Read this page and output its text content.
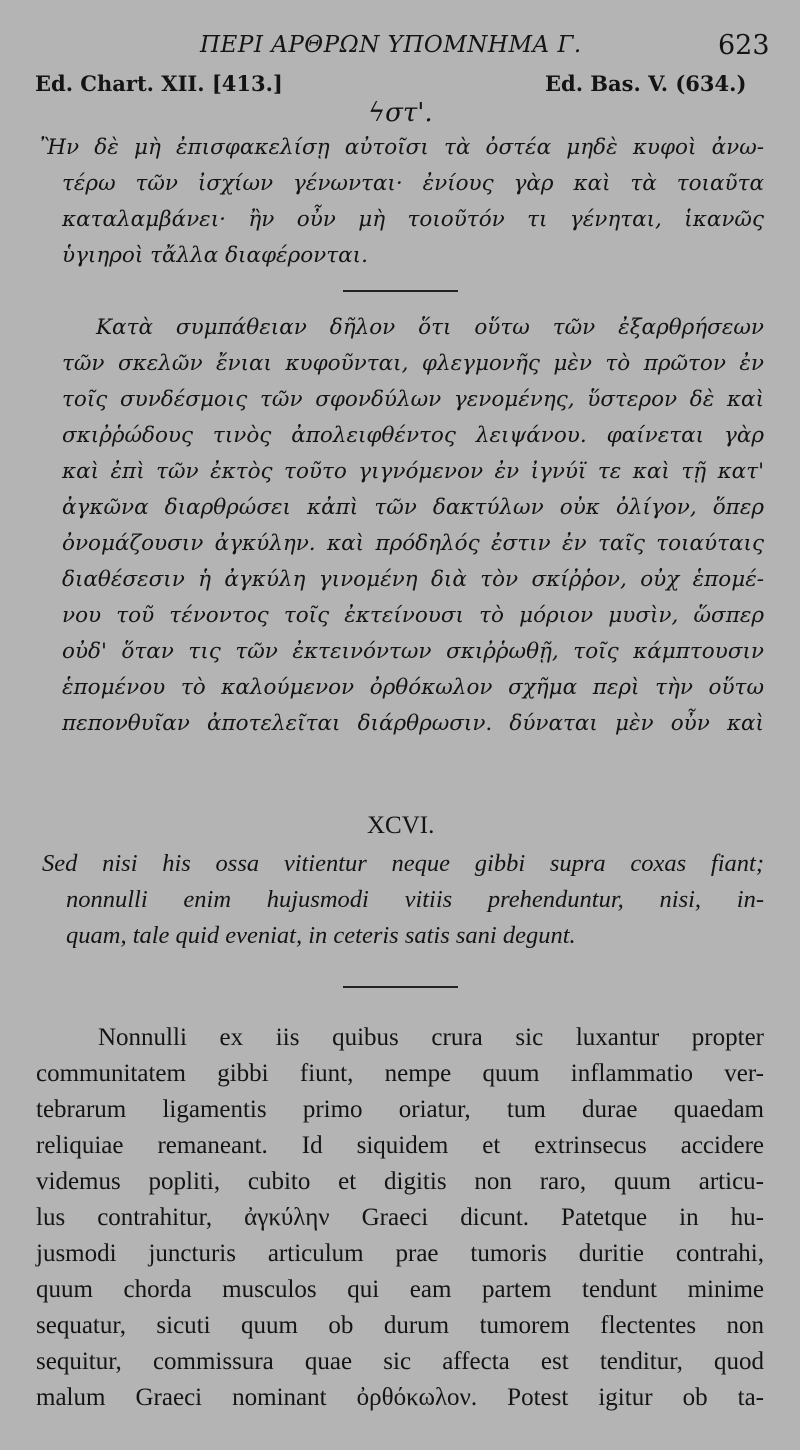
ΠΕΡΙ ΑΡΘΡΩΝ ΥΠΟΜΝΗΜΑ Γ.	623
Ed. Chart. XII. [413.]	Ed. Bas. V. (634.)
ϟστ'.
Ἢν δὲ μὴ ἐπισφακελίσῃ αὐτοῖσι τὰ ὀστέα μηδὲ κυφοὶ ἀνω-
τέρω τῶν ἰσχίων γένωνται· ἐνίους γὰρ καὶ τὰ τοιαῦτα
καταλαμβάνει· ἢν οὖν μὴ τοιοῦτόν τι γένηται, ἱκανῶς
ὑγιηροὶ τἄλλα διαφέρονται.
Κατὰ συμπάθειαν δῆλον ὅτι οὕτω τῶν ἐξαρθρήσεων
τῶν σκελῶν ἔνιαι κυφοῦνται, φλεγμονῆς μὲν τὸ πρῶτον ἐν
τοῖς συνδέσμοις τῶν σφονδύλων γενομένης, ὕστερον δὲ καὶ
σκιῤῥώδους τινὸς ἀπολειφθέντος λειψάνου. φαίνεται γὰρ
καὶ ἐπὶ τῶν ἐκτὸς τοῦτο γιγνόμενον ἐν ἰγνύϊ τε καὶ τῇ κατ'
ἀγκῶνα διαρθρώσει κἀπὶ τῶν δακτύλων οὐκ ὀλίγον, ὅπερ
ὀνομάζουσιν ἀγκύλην. καὶ πρόδηλός ἐστιν ἐν ταῖς τοιαύταις
διαθέσεσιν ἡ ἀγκύλη γινομένη διὰ τὸν σκίῤῥον, οὐχ ἑπομέ-
νου τοῦ τένοντος τοῖς ἐκτείνουσι τὸ μόριον μυσὶν, ὥσπερ
οὐδ' ὅταν τις τῶν ἐκτεινόντων σκιῤῥωθῇ, τοῖς κάμπτουσιν
ἑπομένου τὸ καλούμενον ὀρθόκωλον σχῆμα περὶ τὴν οὕτω
πεπονθυῖαν ἀποτελεῖται διάρθρωσιν. δύναται μὲν οὖν καὶ
XCVI.
Sed nisi his ossa vitientur neque gibbi supra coxas fiant;
nonnulli enim hujusmodi vitiis prehenduntur, nisi, in-
quam, tale quid eveniat, in ceteris satis sani degunt.
Nonnulli ex iis quibus crura sic luxantur propter
communitatem gibbi fiunt, nempe quum inflammatio ver-
tebrarum ligamentis primo oriatur, tum durae quaedam
reliquiae remaneant. Id siquidem et extrinsecus accidere
videmus popliti, cubito et digitis non raro, quum articu-
lus contrahitur, ἀγκύλην Graeci dicunt. Patetque in hu-
jusmodi juncturis articulum prae tumoris duritie contrahi,
quum chorda musculos qui eam partem tendunt minime
sequatur, sicuti quum ob durum tumorem flectentes non
sequitur, commissura quae sic affecta est tenditur, quod
malum Graeci nominant ὀρθόκωλον. Potest igitur ob ta-
